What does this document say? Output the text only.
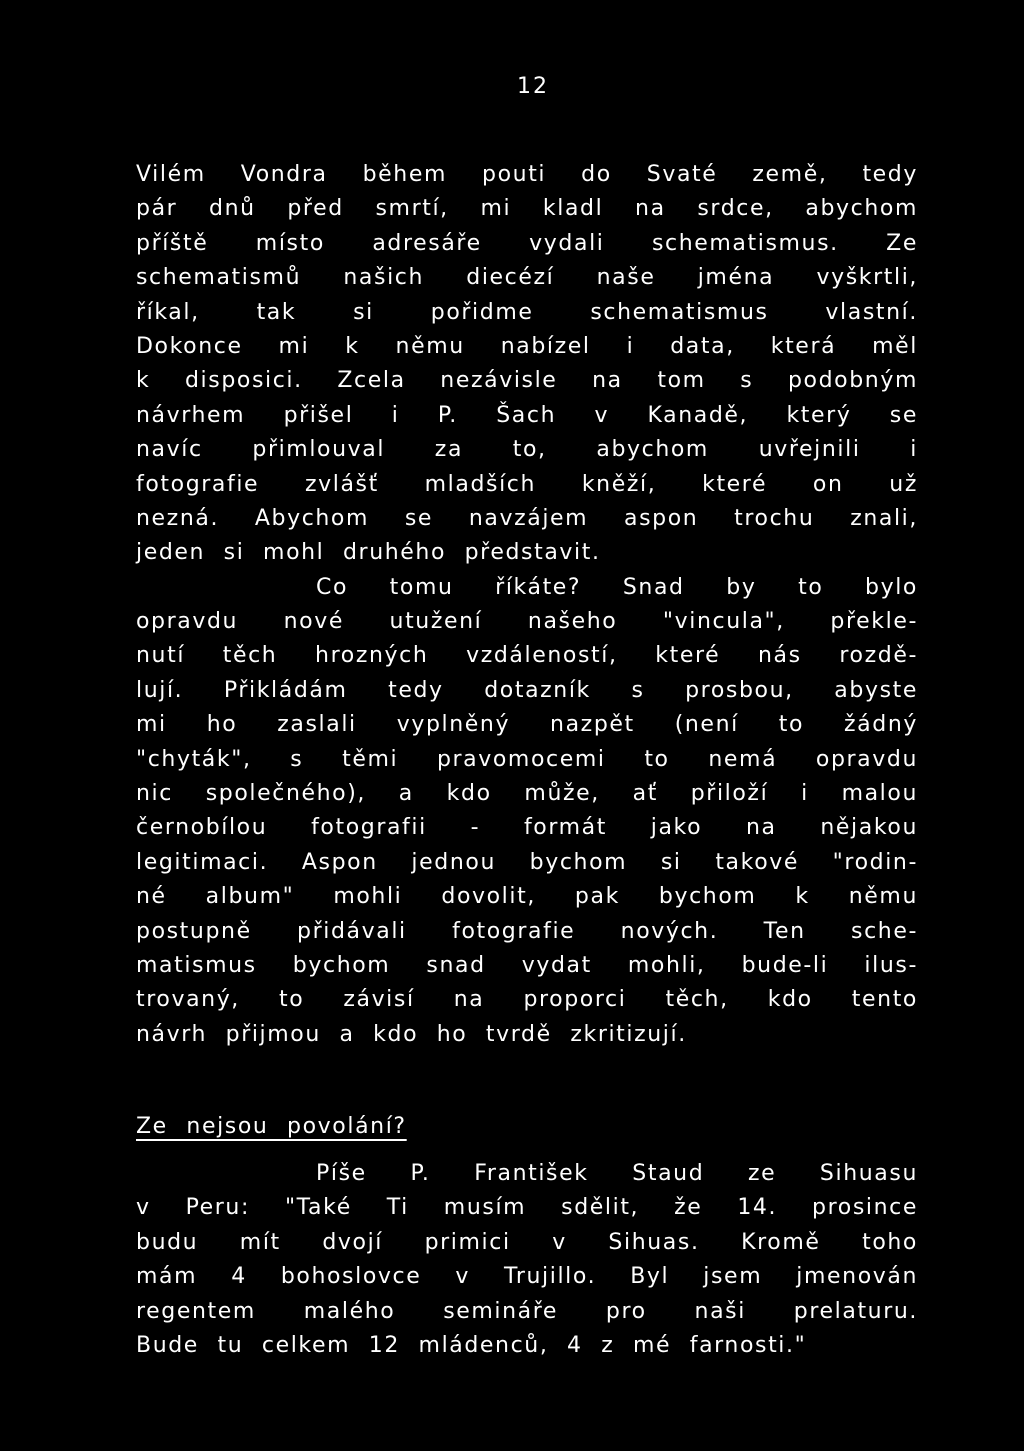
12
Vilém Vondra během pouti do Svaté země, tedy
pár dnů před smrtí, mi kladl na srdce, abychom
příště místo adresáře vydali schematismus. Ze
schematismů našich diecézí naše jména vyškrtli,
říkal, tak si pořidme schematismus vlastní.
Dokonce mi k němu nabízel i data, která měl
k disposici. Zcela nezávisle na tom s podobným
návrhem přišel i P. Šach v Kanadě, který se
navíc přimlouval za to, abychom uvřejnili i
fotografie zvlášť mladších kněží, které on už
nezná. Abychom se navzájem aspon trochu znali,
jeden si mohl druhého představit.
Co tomu říkáte? Snad by to bylo
opravdu nové utužení našeho "vincula", překle-
nutí těch hrozných vzdáleností, které nás rozdě-
lují. Přikládám tedy dotazník s prosbou, abyste
mi ho zaslali vyplněný nazpět (není to žádný
"chyták", s těmi pravomocemi to nemá opravdu
nic společného), a kdo může, ať přiloží i malou
černobílou fotografii - formát jako na nějakou
legitimaci. Aspon jednou bychom si takové "rodin-
né album" mohli dovolit, pak bychom k němu
postupně přidávali fotografie nových. Ten sche-
matismus bychom snad vydat mohli, bude-li ilus-
trovaný, to závisí na proporci těch, kdo tento
návrh přijmou a kdo ho tvrdě zkritizují.
Ze nejsou povolání?
Píše P. František Staud ze Sihuasu
v Peru: "Také Ti musím sdělit, že 14. prosince
budu mít dvojí primici v Sihuas. Kromě toho
mám 4 bohoslovce v Trujillo. Byl jsem jmenován
regentem malého semináře pro naši prelaturu.
Bude tu celkem 12 mládenců, 4 z mé farnosti."
